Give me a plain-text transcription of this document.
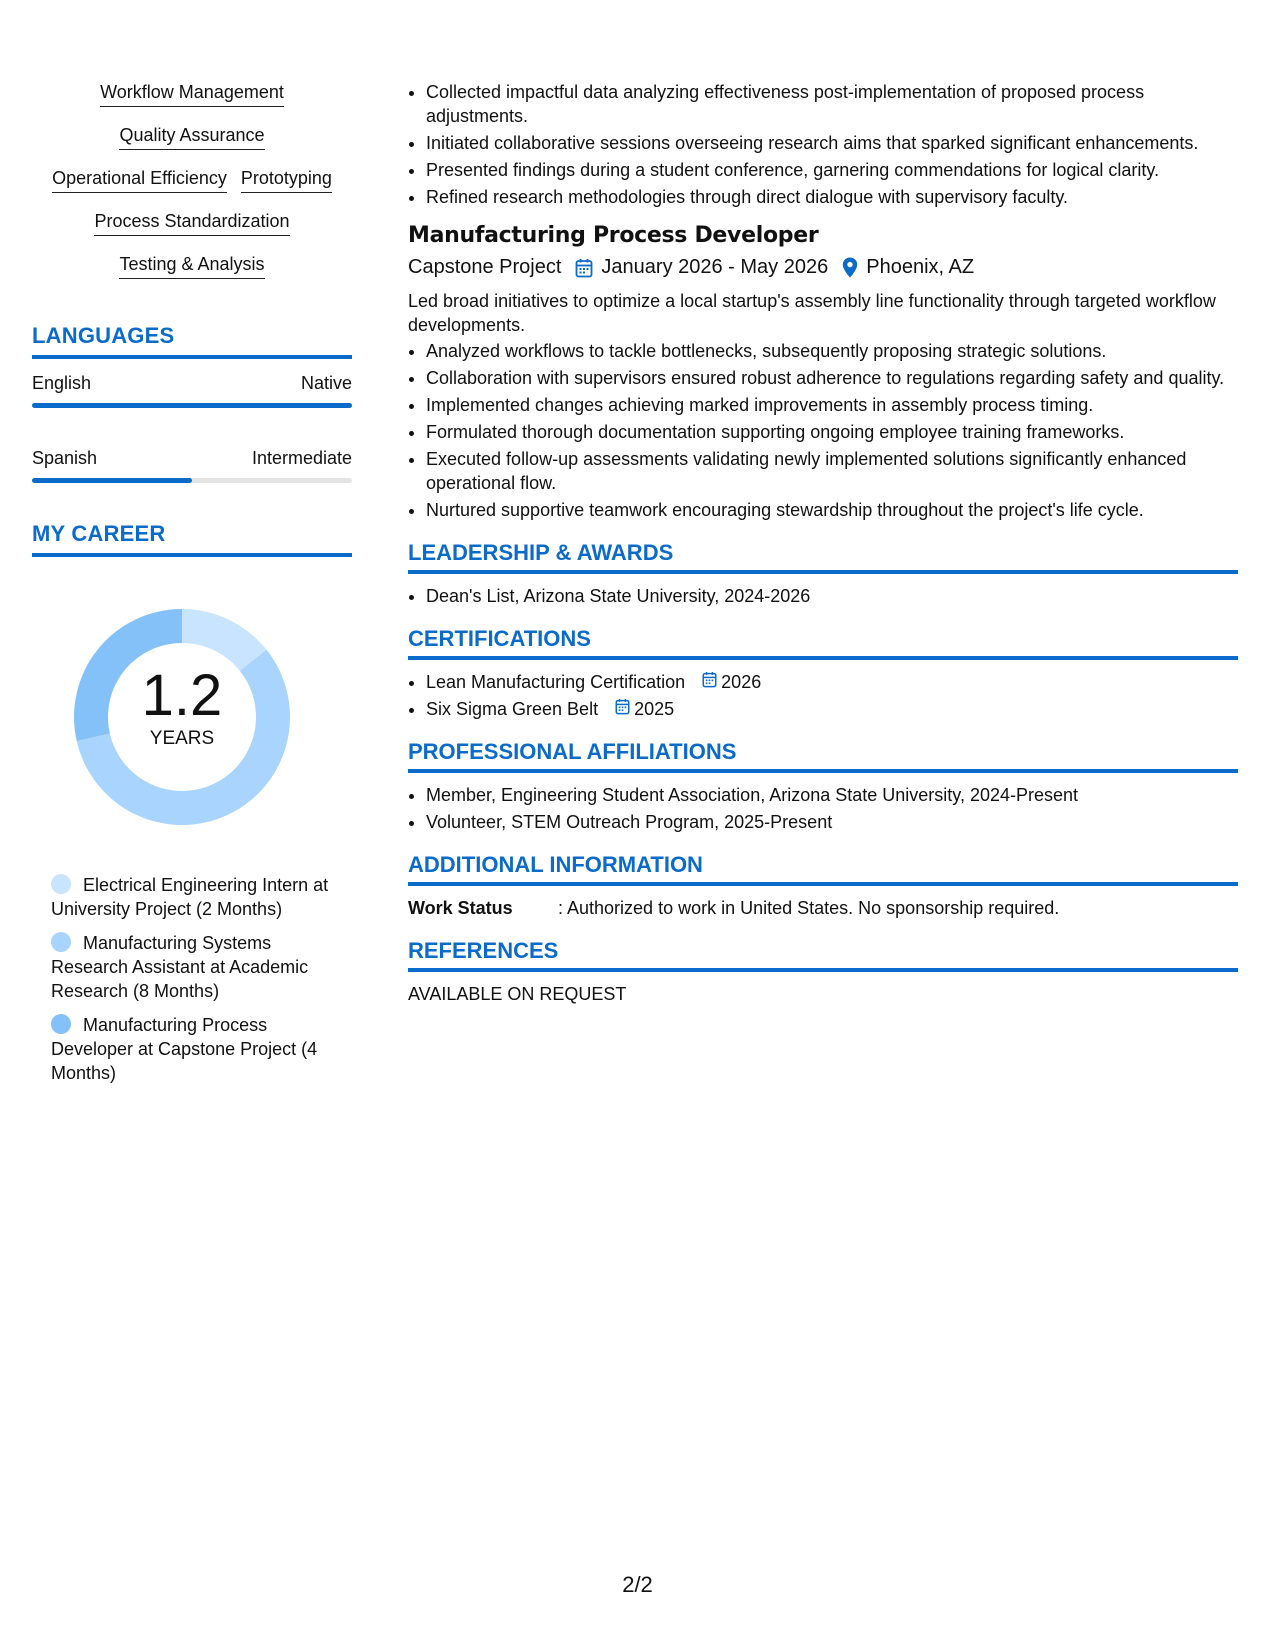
Workflow Management
Quality Assurance
Operational Efficiency Prototyping
Process Standardization
Testing & Analysis
LANGUAGES
English	Native
Spanish	Intermediate
MY CAREER
1.2
YEARS
Electrical Engineering Intern at University Project (2 Months)
Manufacturing Systems Research Assistant at Academic Research (8 Months)
Manufacturing Process Developer at Capstone Project (4 Months)
• Collected impactful data analyzing effectiveness post-implementation of proposed process adjustments.
• Initiated collaborative sessions overseeing research aims that sparked significant enhancements.
• Presented findings during a student conference, garnering commendations for logical clarity.
• Refined research methodologies through direct dialogue with supervisory faculty.
Manufacturing Process Developer
Capstone Project January 2026 - May 2026 Phoenix, AZ
Led broad initiatives to optimize a local startup's assembly line functionality through targeted workflow developments.
• Analyzed workflows to tackle bottlenecks, subsequently proposing strategic solutions.
• Collaboration with supervisors ensured robust adherence to regulations regarding safety and quality.
• Implemented changes achieving marked improvements in assembly process timing.
• Formulated thorough documentation supporting ongoing employee training frameworks.
• Executed follow-up assessments validating newly implemented solutions significantly enhanced operational flow.
• Nurtured supportive teamwork encouraging stewardship throughout the project's life cycle.
LEADERSHIP & AWARDS
• Dean's List, Arizona State University, 2024-2026
CERTIFICATIONS
• Lean Manufacturing Certification 2026
• Six Sigma Green Belt 2025
PROFESSIONAL AFFILIATIONS
• Member, Engineering Student Association, Arizona State University, 2024-Present
• Volunteer, STEM Outreach Program, 2025-Present
ADDITIONAL INFORMATION
Work Status	: Authorized to work in United States. No sponsorship required.
REFERENCES
AVAILABLE ON REQUEST
2/2
